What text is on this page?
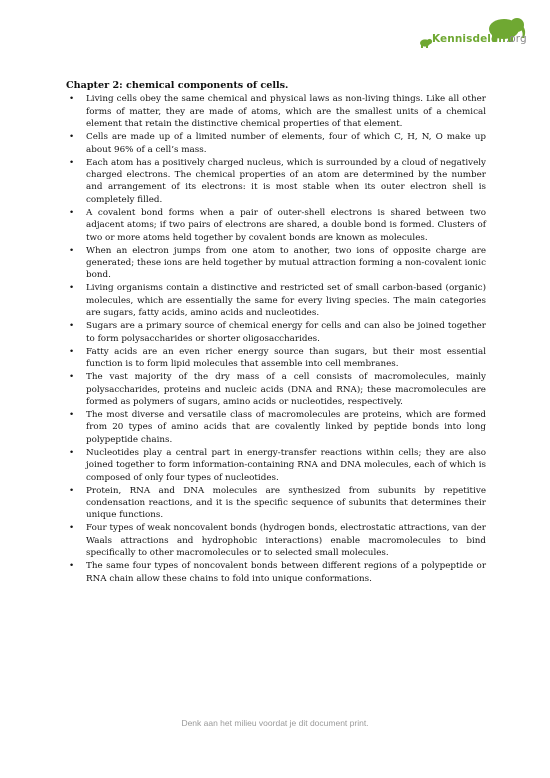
Kennisdelen.org
Chapter 2: chemical components of cells.
• Living cells obey the same chemical and physical laws as non-living things. Like all other forms of matter, they are made of atoms, which are the smallest units of a chemical element that retain the distinctive chemical properties of that element.
• Cells are made up of a limited number of elements, four of which C, H, N, O make up about 96% of a cell’s mass.
• Each atom has a positively charged nucleus, which is surrounded by a cloud of negatively charged electrons. The chemical properties of an atom are determined by the number and arrangement of its electrons: it is most stable when its outer electron shell is completely filled.
• A covalent bond forms when a pair of outer-shell electrons is shared between two adjacent atoms; if two pairs of electrons are shared, a double bond is formed. Clusters of two or more atoms held together by covalent bonds are known as molecules.
• When an electron jumps from one atom to another, two ions of opposite charge are generated; these ions are held together by mutual attraction forming a non-covalent ionic bond.
• Living organisms contain a distinctive and restricted set of small carbon-based (organic) molecules, which are essentially the same for every living species. The main categories are sugars, fatty acids, amino acids and nucleotides.
• Sugars are a primary source of chemical energy for cells and can also be joined together to form polysaccharides or shorter oligosaccharides.
• Fatty acids are an even richer energy source than sugars, but their most essential function is to form lipid molecules that assemble into cell membranes.
• The vast majority of the dry mass of a cell consists of macromolecules, mainly polysaccharides, proteins and nucleic acids (DNA and RNA); these macromolecules are formed as polymers of sugars, amino acids or nucleotides, respectively.
• The most diverse and versatile class of macromolecules are proteins, which are formed from 20 types of amino acids that are covalently linked by peptide bonds into long polypeptide chains.
• Nucleotides play a central part in energy-transfer reactions within cells; they are also joined together to form information-containing RNA and DNA molecules, each of which is composed of only four types of nucleotides.
• Protein, RNA and DNA molecules are synthesized from subunits by repetitive condensation reactions, and it is the specific sequence of subunits that determines their unique functions.
• Four types of weak noncovalent bonds (hydrogen bonds, electrostatic attractions, van der Waals attractions and hydrophobic interactions) enable macromolecules to bind specifically to other macromolecules or to selected small molecules.
• The same four types of noncovalent bonds between different regions of a polypeptide or RNA chain allow these chains to fold into unique conformations.
Denk aan het milieu voordat je dit document print.
